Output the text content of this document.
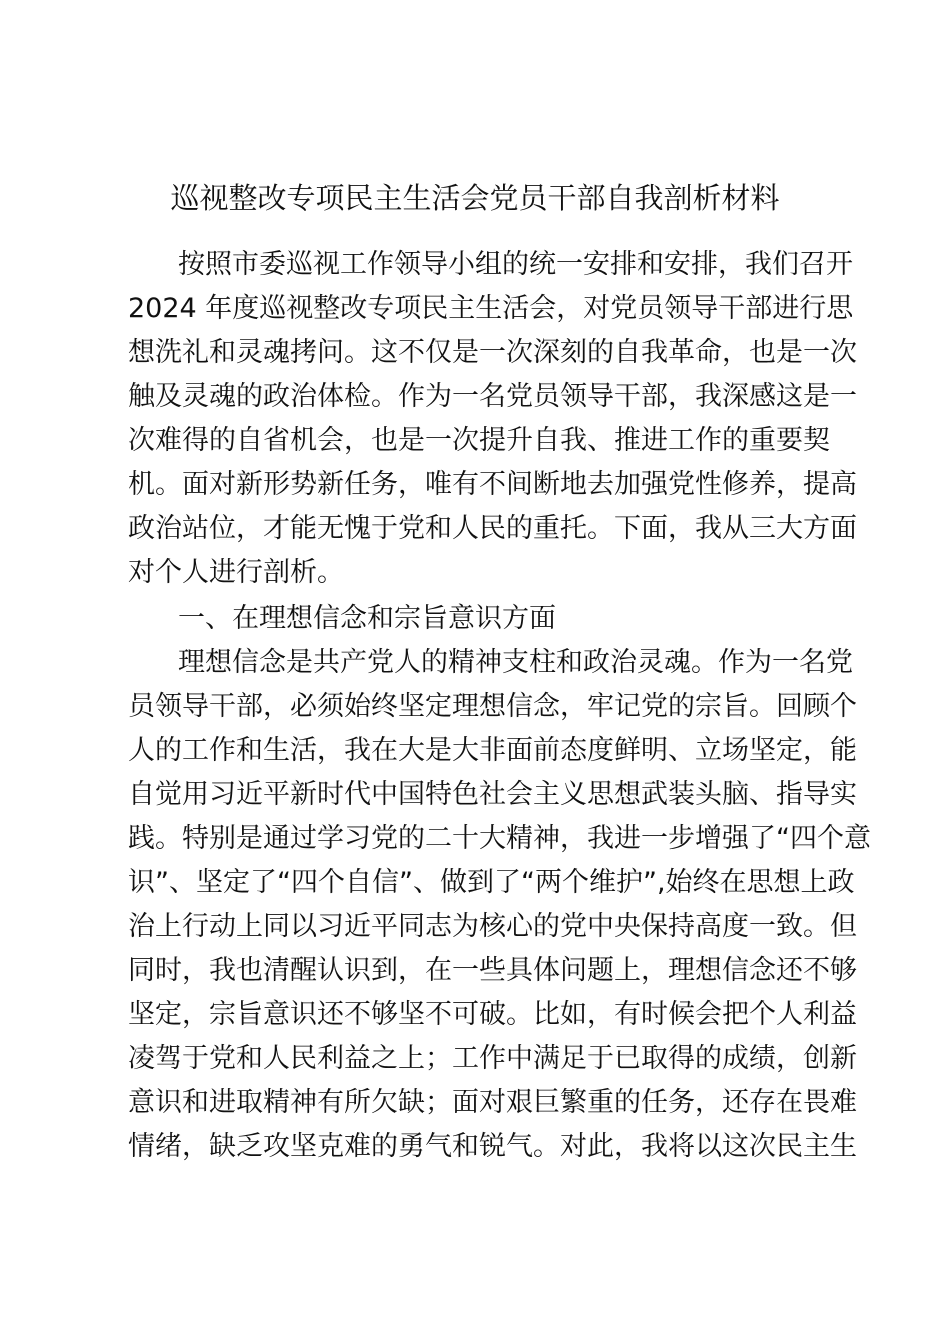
巡视整改专项民主生活会党员干部自我剖析材料
按照市委巡视工作领导小组的统一安排和安排，我们召开
2024 年度巡视整改专项民主生活会，对党员领导干部进行思
想洗礼和灵魂拷问。这不仅是一次深刻的自我革命，也是一次
触及灵魂的政治体检。作为一名党员领导干部，我深感这是一
次难得的自省机会，也是一次提升自我、推进工作的重要契
机。面对新形势新任务，唯有不间断地去加强党性修养，提高
政治站位，才能无愧于党和人民的重托。下面，我从三大方面
对个人进行剖析。
一、在理想信念和宗旨意识方面
理想信念是共产党人的精神支柱和政治灵魂。作为一名党
员领导干部，必须始终坚定理想信念，牢记党的宗旨。回顾个
人的工作和生活，我在大是大非面前态度鲜明、立场坚定，能
自觉用习近平新时代中国特色社会主义思想武装头脑、指导实
践。特别是通过学习党的二十大精神，我进一步增强了“四个意
识”、坚定了“四个自信”、做到了“两个维护”,始终在思想上政
治上行动上同以习近平同志为核心的党中央保持高度一致。但
同时，我也清醒认识到，在一些具体问题上，理想信念还不够
坚定，宗旨意识还不够坚不可破。比如，有时候会把个人利益
凌驾于党和人民利益之上；工作中满足于已取得的成绩，创新
意识和进取精神有所欠缺；面对艰巨繁重的任务，还存在畏难
情绪，缺乏攻坚克难的勇气和锐气。对此，我将以这次民主生
